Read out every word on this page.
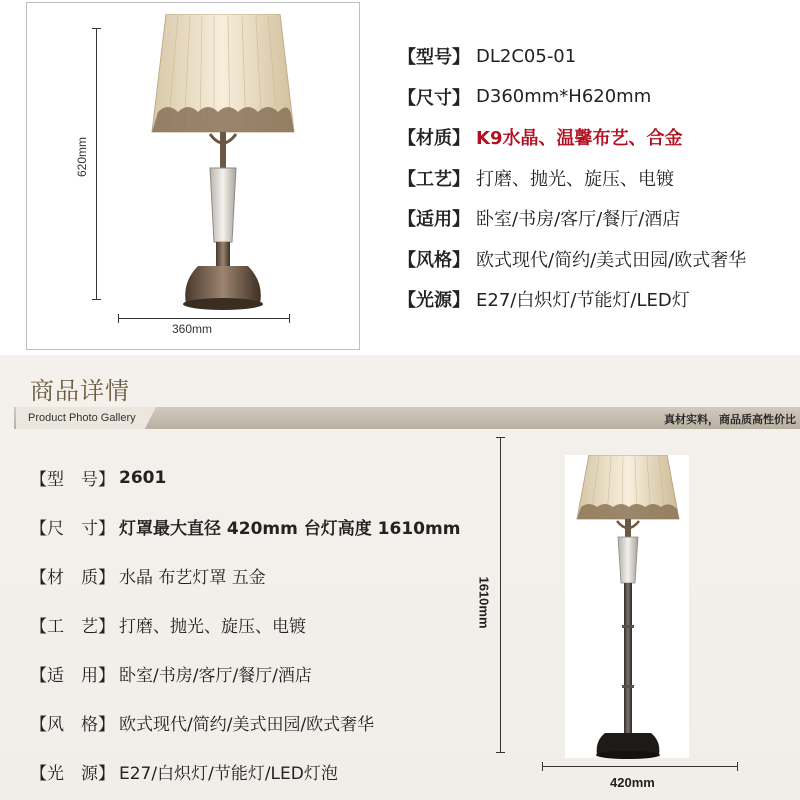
620mm
360mm
【型号】 DL2C05-01
【尺寸】 D360mm*H620mm
【材质】 K9水晶、温馨布艺、合金
【工艺】 打磨、抛光、旋压、电镀
【适用】 卧室/书房/客厅/餐厅/酒店
【风格】 欧式现代/简约/美式田园/欧式奢华
【光源】 E27/白炽灯/节能灯/LED灯
商品详情
Product Photo Gallery	真材实料，商品质高性价比
【型　号】 2601
【尺　寸】 灯罩最大直径 420mm 台灯高度 1610mm
【材　质】 水晶 布艺灯罩 五金
【工　艺】 打磨、抛光、旋压、电镀
【适　用】 卧室/书房/客厅/餐厅/酒店
【风　格】 欧式现代/简约/美式田园/欧式奢华
【光　源】 E27/白炽灯/节能灯/LED灯泡
1610mm
420mm
